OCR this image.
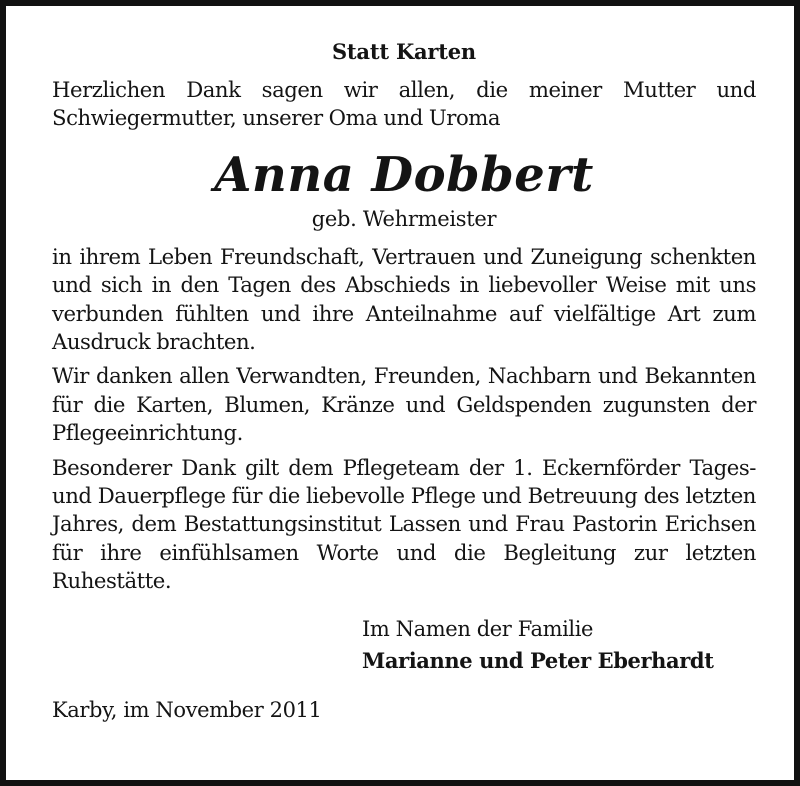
Statt Karten

Herzlichen Dank sagen wir allen, die meiner Mutter und Schwiegermutter, unserer Oma und Uroma

Anna Dobbert
geb. Wehrmeister

in ihrem Leben Freundschaft, Vertrauen und Zuneigung schenkten und sich in den Tagen des Abschieds in liebevoller Weise mit uns verbunden fühlten und ihre Anteilnahme auf vielfältige Art zum Ausdruck brachten.

Wir danken allen Verwandten, Freunden, Nachbarn und Bekannten für die Karten, Blumen, Kränze und Geldspenden zugunsten der Pflegeeinrichtung.

Besonderer Dank gilt dem Pflegeteam der 1. Eckernförder Tages- und Dauerpflege für die liebevolle Pflege und Betreuung des letzten Jahres, dem Bestattungsinstitut Lassen und Frau Pastorin Erichsen für ihre einfühlsamen Worte und die Begleitung zur letzten Ruhestätte.

Im Namen der Familie
Marianne und Peter Eberhardt
Karby, im November 2011
